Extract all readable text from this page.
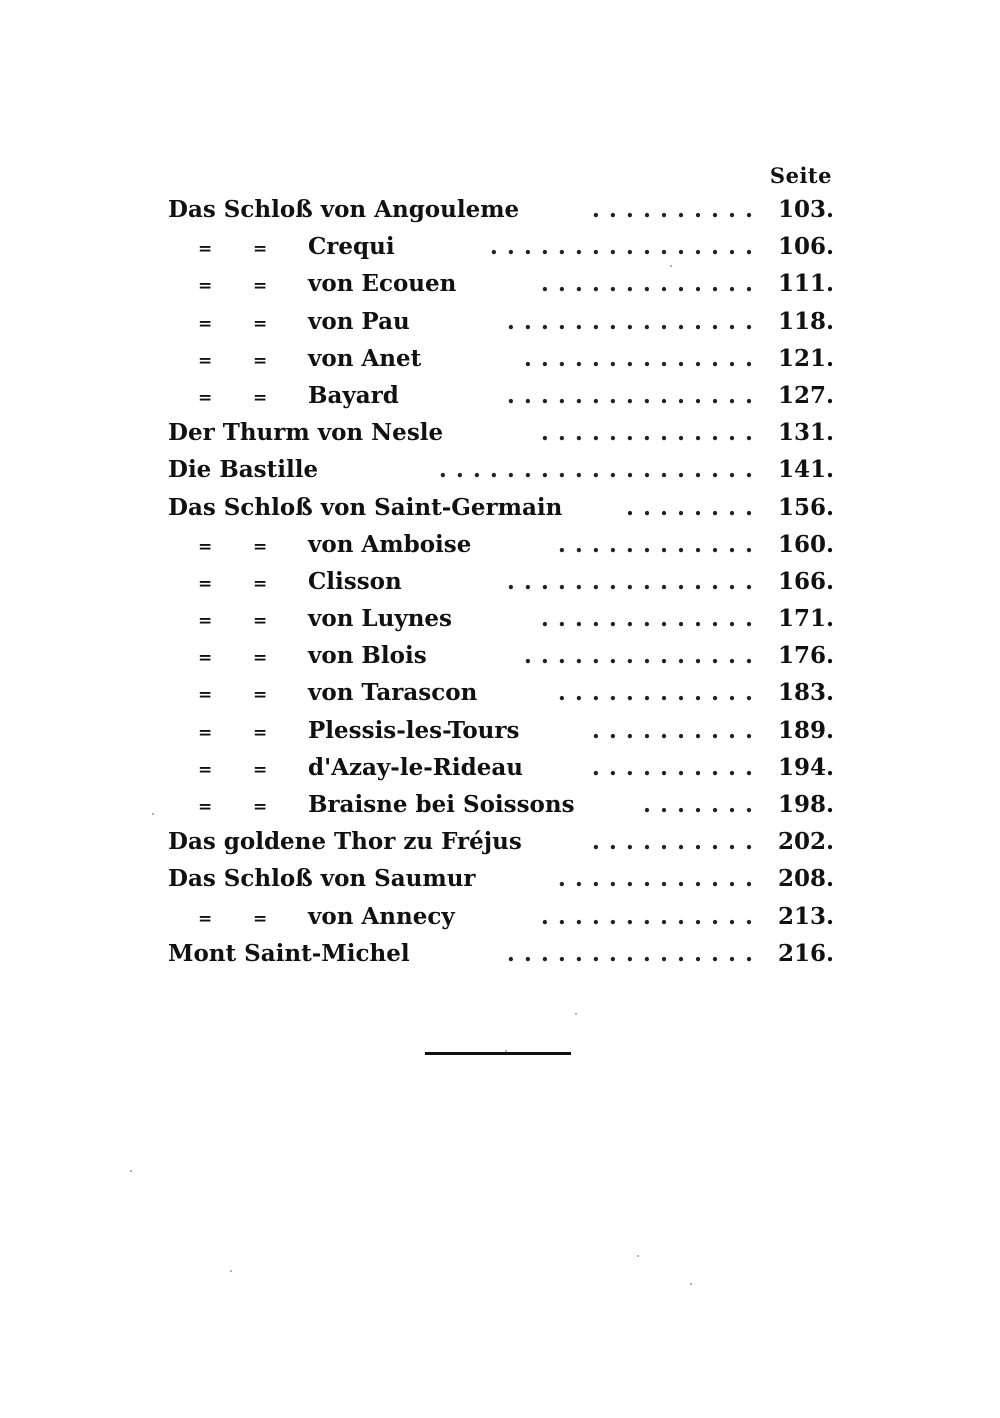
Seite
Das Schloß von Angouleme	.......... 103.
= = Crequi	................ 106.
= = von Ecouen	............. 111.
= = von Pau	............... 118.
= = von Anet	.............. 121.
= = Bayard	............... 127.
Der Thurm von Nesle	............. 131.
Die Bastille	................... 141.
Das Schloß von Saint-Germain	........ 156.
= = von Amboise	............ 160.
= = Clisson	............... 166.
= = von Luynes	............. 171.
= = von Blois	.............. 176.
= = von Tarascon	............ 183.
= = Plessis-les-Tours	.......... 189.
= = d'Azay-le-Rideau	.......... 194.
= = Braisne bei Soissons	....... 198.
Das goldene Thor zu Fréjus	.......... 202.
Das Schloß von Saumur	............ 208.
= = von Annecy	............. 213.
Mont Saint-Michel	............... 216.
